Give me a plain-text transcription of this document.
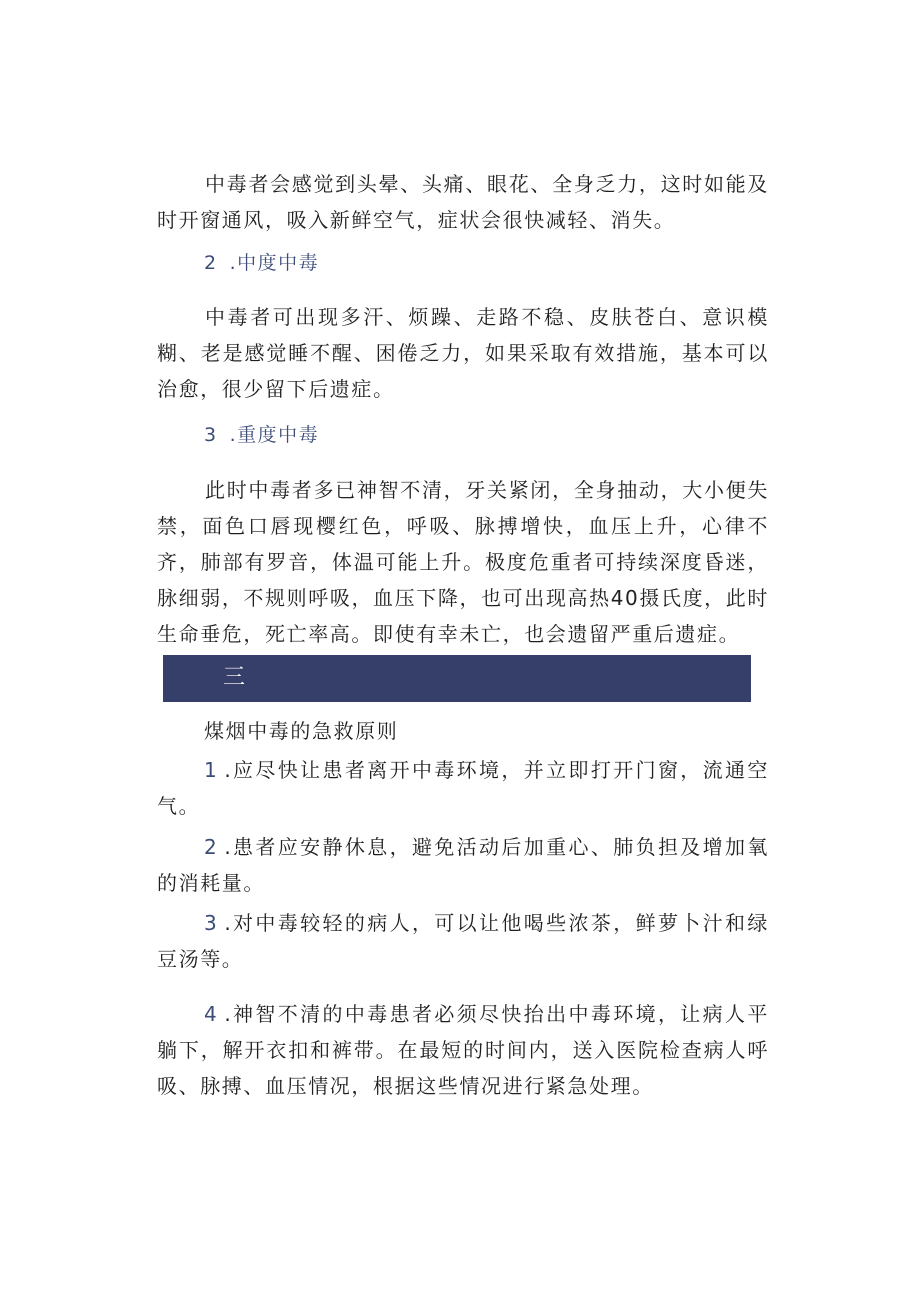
中毒者会感觉到头晕、头痛、眼花、全身乏力，这时如能及时开窗通风，吸入新鲜空气，症状会很快减轻、消失。

2 .中度中毒

中毒者可出现多汗、烦躁、走路不稳、皮肤苍白、意识模糊、老是感觉睡不醒、困倦乏力，如果采取有效措施，基本可以治愈，很少留下后遗症。

3 .重度中毒

此时中毒者多已神智不清，牙关紧闭，全身抽动，大小便失禁，面色口唇现樱红色，呼吸、脉搏增快，血压上升，心律不齐，肺部有罗音，体温可能上升。极度危重者可持续深度昏迷，脉细弱，不规则呼吸，血压下降，也可出现高热40摄氏度，此时生命垂危，死亡率高。即使有幸未亡，也会遗留严重后遗症。

三

煤烟中毒的急救原则

1 .应尽快让患者离开中毒环境，并立即打开门窗，流通空气。

2 .患者应安静休息，避免活动后加重心、肺负担及增加氧的消耗量。

3 .对中毒较轻的病人，可以让他喝些浓茶，鲜萝卜汁和绿豆汤等。

4 .神智不清的中毒患者必须尽快抬出中毒环境，让病人平躺下，解开衣扣和裤带。在最短的时间内，送入医院检查病人呼吸、脉搏、血压情况，根据这些情况进行紧急处理。
